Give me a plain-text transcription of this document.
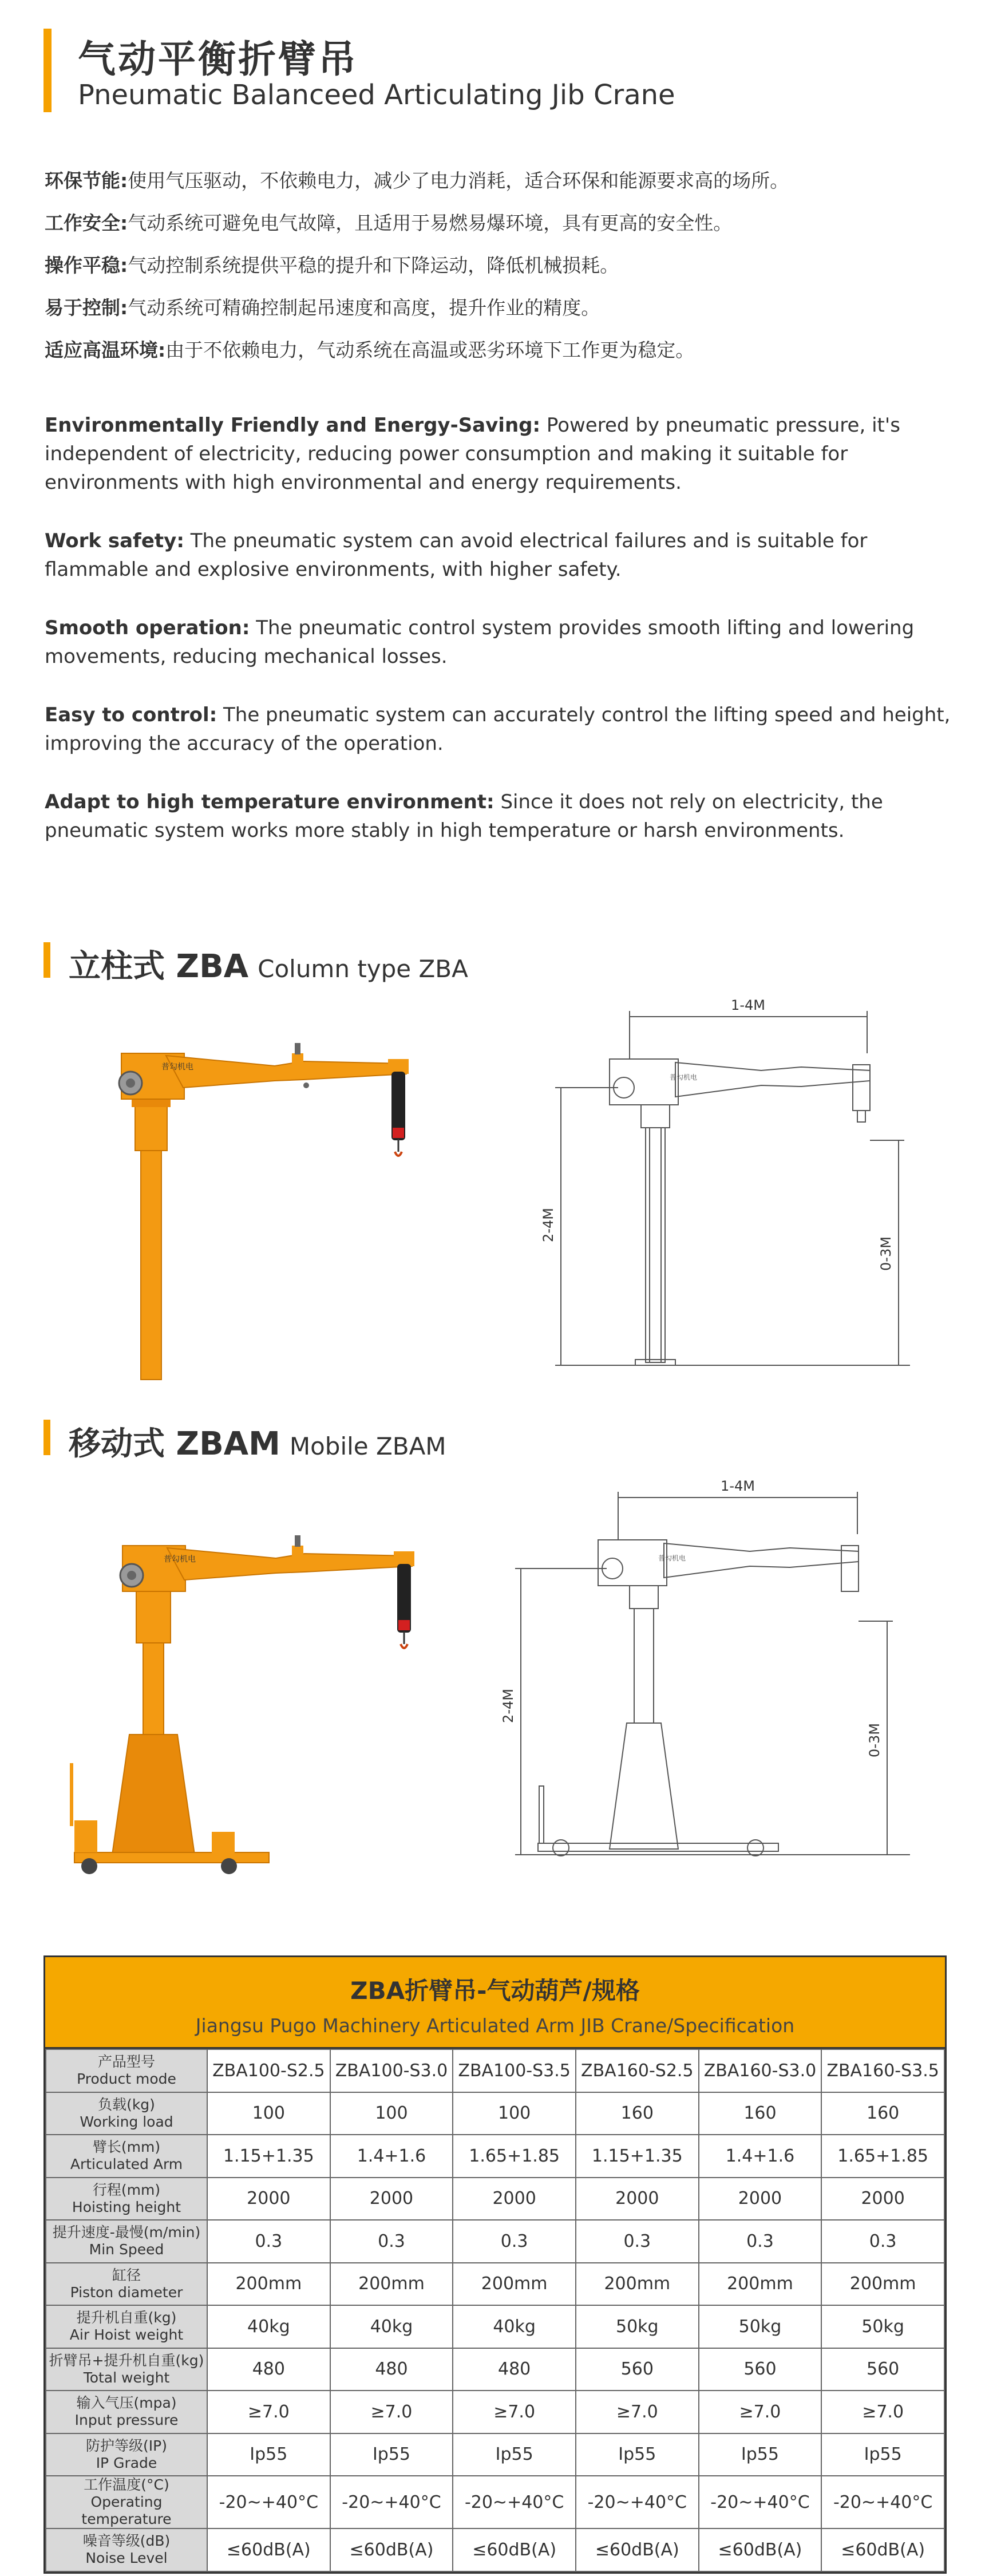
气动平衡折臂吊
Pneumatic Balanceed Articulating Jib Crane

环保节能:使用气压驱动，不依赖电力，减少了电力消耗，适合环保和能源要求高的场所。

工作安全:气动系统可避免电气故障，且适用于易燃易爆环境，具有更高的安全性。

操作平稳:气动控制系统提供平稳的提升和下降运动，降低机械损耗。

易于控制:气动系统可精确控制起吊速度和高度，提升作业的精度。

适应高温环境:由于不依赖电力，气动系统在高温或恶劣环境下工作更为稳定。

Environmentally Friendly and Energy-Saving: Powered by pneumatic pressure, it's independent of electricity, reducing power consumption and making it suitable for environments with high environmental and energy requirements.
Work safety: The pneumatic system can avoid electrical failures and is suitable for flammable and explosive environments, with higher safety.
Smooth operation: The pneumatic control system provides smooth lifting and lowering movements, reducing mechanical losses.
Easy to control: The pneumatic system can accurately control the lifting speed and height, improving the accuracy of the operation.
Adapt to high temperature environment: Since it does not rely on electricity, the pneumatic system works more stably in high temperature or harsh environments.
立柱式 ZBA Column type ZBA
普勾机电
1-4M
2-4M
0-3M
普勾机电
移动式 ZBAM Mobile ZBAM
普勾机电
1-4M
2-4M
0-3M
普勾机电
ZBA折臂吊-气动葫芦/规格
Jiangsu Pugo Machinery Articulated Arm JIB Crane/Specification
产品型号
Product mode	ZBA100-S2.5	ZBA100-S3.0	ZBA100-S3.5	ZBA160-S2.5	ZBA160-S3.0	ZBA160-S3.5

负载(kg)
Working load	100	100	100	160	160	160

臂长(mm)
Articulated Arm	1.15+1.35	1.4+1.6	1.65+1.85	1.15+1.35	1.4+1.6	1.65+1.85

行程(mm)
Hoisting height	2000	2000	2000	2000	2000	2000

提升速度-最慢(m/min)
Min Speed	0.3	0.3	0.3	0.3	0.3	0.3

缸径
Piston diameter	200mm	200mm	200mm	200mm	200mm	200mm

提升机自重(kg)
Air Hoist weight	40kg	40kg	40kg	50kg	50kg	50kg

折臂吊+提升机自重(kg)
Total weight	480	480	480	560	560	560

输入气压(mpa)
Input pressure	≥7.0	≥7.0	≥7.0	≥7.0	≥7.0	≥7.0

防护等级(IP)
IP Grade	Ip55	Ip55	Ip55	Ip55	Ip55	Ip55

工作温度(°C)
Operating temperature	-20~+40°C	-20~+40°C	-20~+40°C	-20~+40°C	-20~+40°C	-20~+40°C

噪音等级(dB)
Noise Level	≤60dB(A)	≤60dB(A)	≤60dB(A)	≤60dB(A)	≤60dB(A)	≤60dB(A)
